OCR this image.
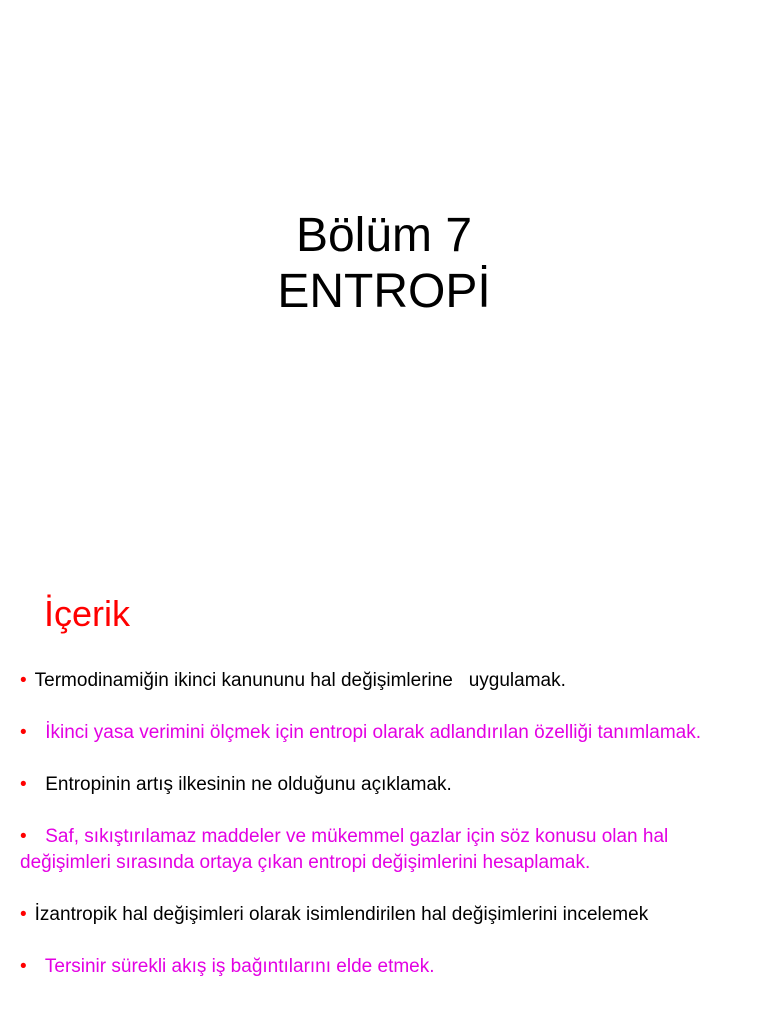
Bölüm 7
ENTROPİ
İçerik
• Termodinamiğin ikinci kanununu hal değişimlerine   uygulamak.
•  İkinci yasa verimini ölçmek için entropi olarak adlandırılan özelliği tanımlamak.
•  Entropinin artış ilkesinin ne olduğunu açıklamak.
•  Saf, sıkıştırılamaz maddeler ve mükemmel gazlar için söz konusu olan hal değişimleri sırasında ortaya çıkan entropi değişimlerini hesaplamak.
• İzantropik hal değişimleri olarak isimlendirilen hal değişimlerini incelemek
•  Tersinir sürekli akış iş bağıntılarını elde etmek.
